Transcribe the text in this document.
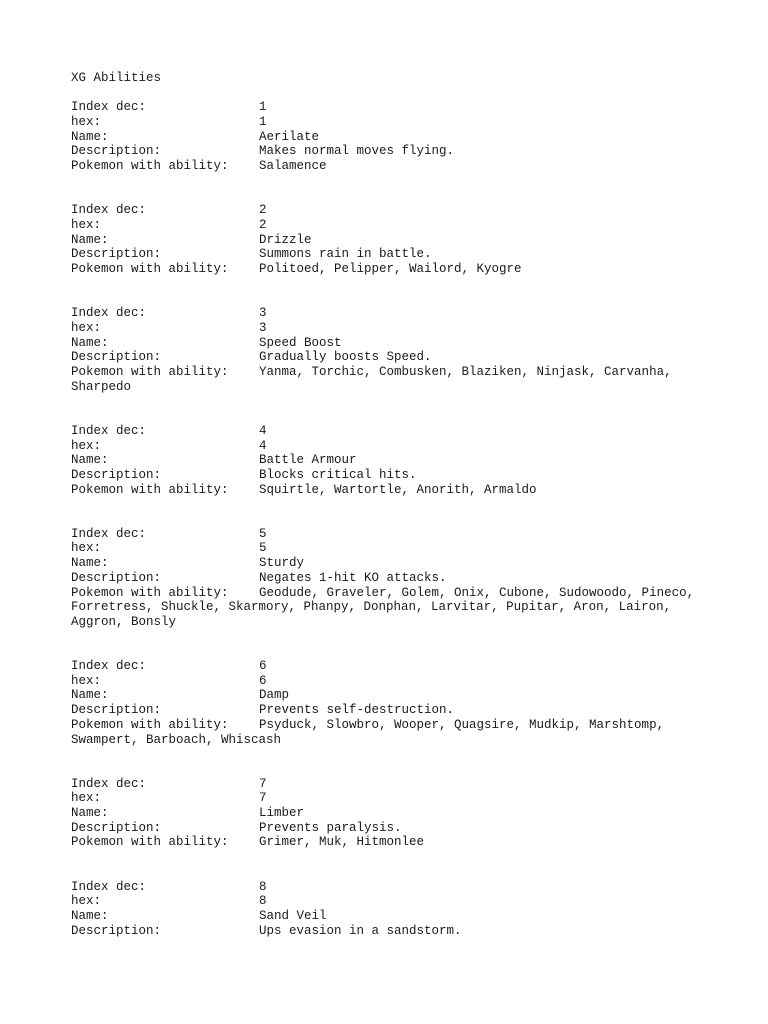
XG Abilities
Index dec:	1
hex:	1
Name:	Aerilate
Description:	Makes normal moves flying.
Pokemon with ability: Salamence
Index dec:	2
hex:	2
Name:	Drizzle
Description:	Summons rain in battle.
Pokemon with ability: Politoed, Pelipper, Wailord, Kyogre
Index dec:	3
hex:	3
Name:	Speed Boost
Description:	Gradually boosts Speed.
Pokemon with ability: Yanma, Torchic, Combusken, Blaziken, Ninjask, Carvanha, Sharpedo
Index dec:	4
hex:	4
Name:	Battle Armour
Description:	Blocks critical hits.
Pokemon with ability: Squirtle, Wartortle, Anorith, Armaldo
Index dec:	5
hex:	5
Name:	Sturdy
Description:	Negates 1-hit KO attacks.
Pokemon with ability: Geodude, Graveler, Golem, Onix, Cubone, Sudowoodo, Pineco, Forretress, Shuckle, Skarmory, Phanpy, Donphan, Larvitar, Pupitar, Aron, Lairon, Aggron, Bonsly
Index dec:	6
hex:	6
Name:	Damp
Description:	Prevents self-destruction.
Pokemon with ability: Psyduck, Slowbro, Wooper, Quagsire, Mudkip, Marshtomp, Swampert, Barboach, Whiscash
Index dec:	7
hex:	7
Name:	Limber
Description:	Prevents paralysis.
Pokemon with ability: Grimer, Muk, Hitmonlee
Index dec:	8
hex:	8
Name:	Sand Veil
Description:	Ups evasion in a sandstorm.
